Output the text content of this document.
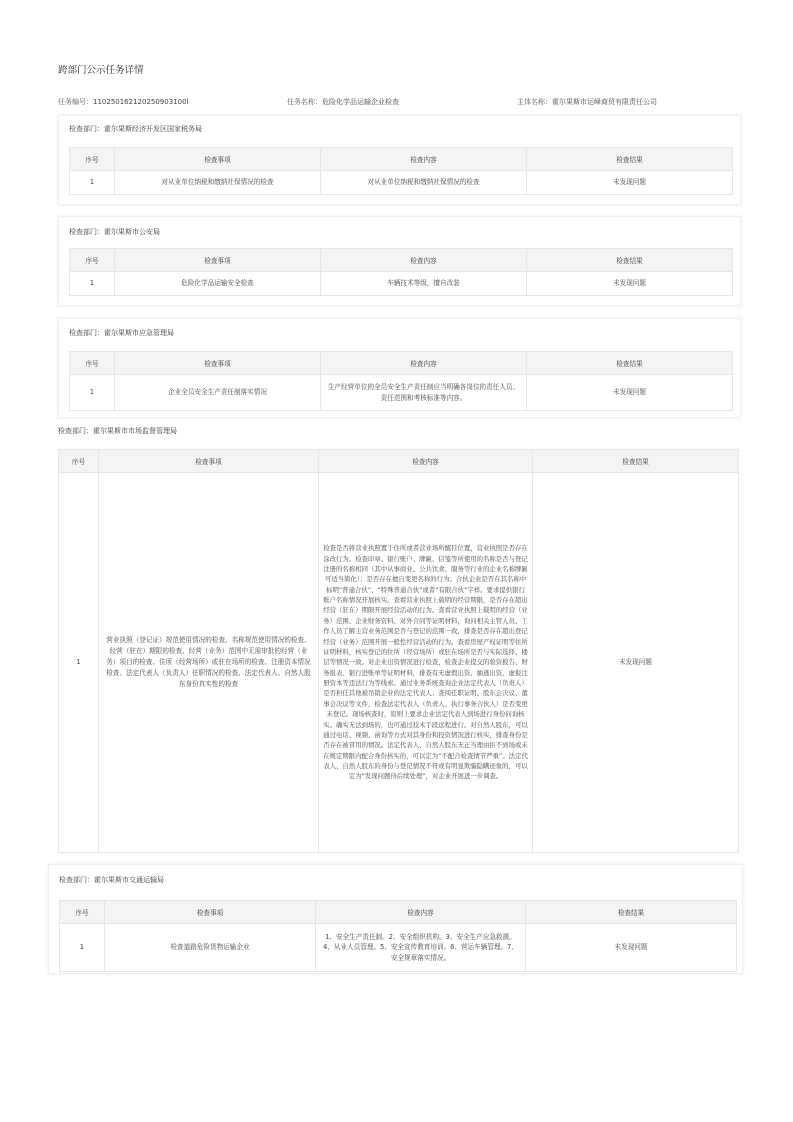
跨部门公示任务详情
任务编号：110250162120250903100l	任务名称：危险化学品运输企业检查	主体名称：霍尔果斯市运峰商贸有限责任公司
检查部门：霍尔果斯经济开发区国家税务局
序号	检查事项	检查内容	检查结果
1	对从业单位纳税和缴纳社保情况的检查	对从业单位纳税和缴纳社保情况的检查	未发现问题
检查部门：霍尔果斯市公安局
序号	检查事项	检查内容	检查结果
1	危险化学品运输安全检查	车辆技术等级，擅自改装	未发现问题
检查部门：霍尔果斯市应急管理局
序号	检查事项	检查内容	检查结果
1	企业全员安全生产责任制落实情况	生产经营单位的全员安全生产责任制应当明确各岗位的责任人员、责任范围和考核标准等内容。	未发现问题
检查部门：霍尔果斯市市场监督管理局
序号	检查事项	检查内容	检查结果
1	营业执照（登记证）规范使用情况的检查、名称规范使用情况的检查、经营（驻在）期限的检查、经营（业务）范围中无需审批的经营（业务）项目的检查、住所（经营场所）或驻在场所的检查、注册资本情况检查、法定代表人（负责人）任职情况的检查、法定代表人、自然人股东身份真实性的检查	检查是否将营业执照置于住所或者营业场所醒目位置，营业执照是否存在涂改行为。检查印章、银行账户、牌匾、信笺等所使用的名称是否与登记注册的名称相同（其中从事商业、公共饮食、服务等行业的企业名称牌匾可适当简化）；是否存在擅自变更名称的行为；合伙企业是否在其名称中标明“普通合伙”、“特殊普通合伙”或者“有限合伙”字样。要求提供银行账户名称情况开展核实。查看营业执照上载明的经营期限，是否存在超出经营（驻在）期限开展经营活动的行为。查看营业执照上载明的经营（业务）范围、企业财务资料、对外合同等证明材料，询问相关主管人员、工作人员了解主营业务范围是否与登记的范围一致，排查是否存在超出登记经营（业务）范围开展一般性经营活动的行为。查看房屋产权证明等住所证明材料，核实登记的住所（经营场所）或驻在场所是否与实际选择、楼层等情况一致。对企业出资情况进行检查，检查企业提交的验资报告、财务报表、银行进账单等证明材料，排查有无虚假出资、抽逃出资、虚报注册资本等违法行为等线索。通过业务系统查询企业法定代表人（负责人）是否担任其他被吊销企业的法定代表人；查阅任职证明、股东会决议、董事会决议等文件，检查法定代表人（负责人、执行事务合伙人）是否变更未登记。现场核查时，原则上要求企业法定代表人到场进行身份问询核实。确实无法到场的，也可通过技术手段远程进行。对自然人股东，可以通过电话、视频、函询等方式对其身份和投资情况进行核实，排查身份是否存在被冒用的情况。法定代表人、自然人股东无正当理由拒不到场或未在规定期限内配合身份核实的，可以定为“不配合检查情节严重”。法定代表人、自然人股东的身份与登记情况不符或有明显欺骗隐瞒迹象的，可以定为“发现问题待后续处理”，对企业开展进一步调查。	未发现问题
检查部门：霍尔果斯市交通运输局
序号	检查事项	检查内容	检查结果
1	检查道路危险货物运输企业	1、安全生产责任制。2、安全组织机构。3、安全生产应急救援。4、从业人员管理。5、安全宣传教育培训。6、营运车辆管理。7、安全规章落实情况。	未发现问题
